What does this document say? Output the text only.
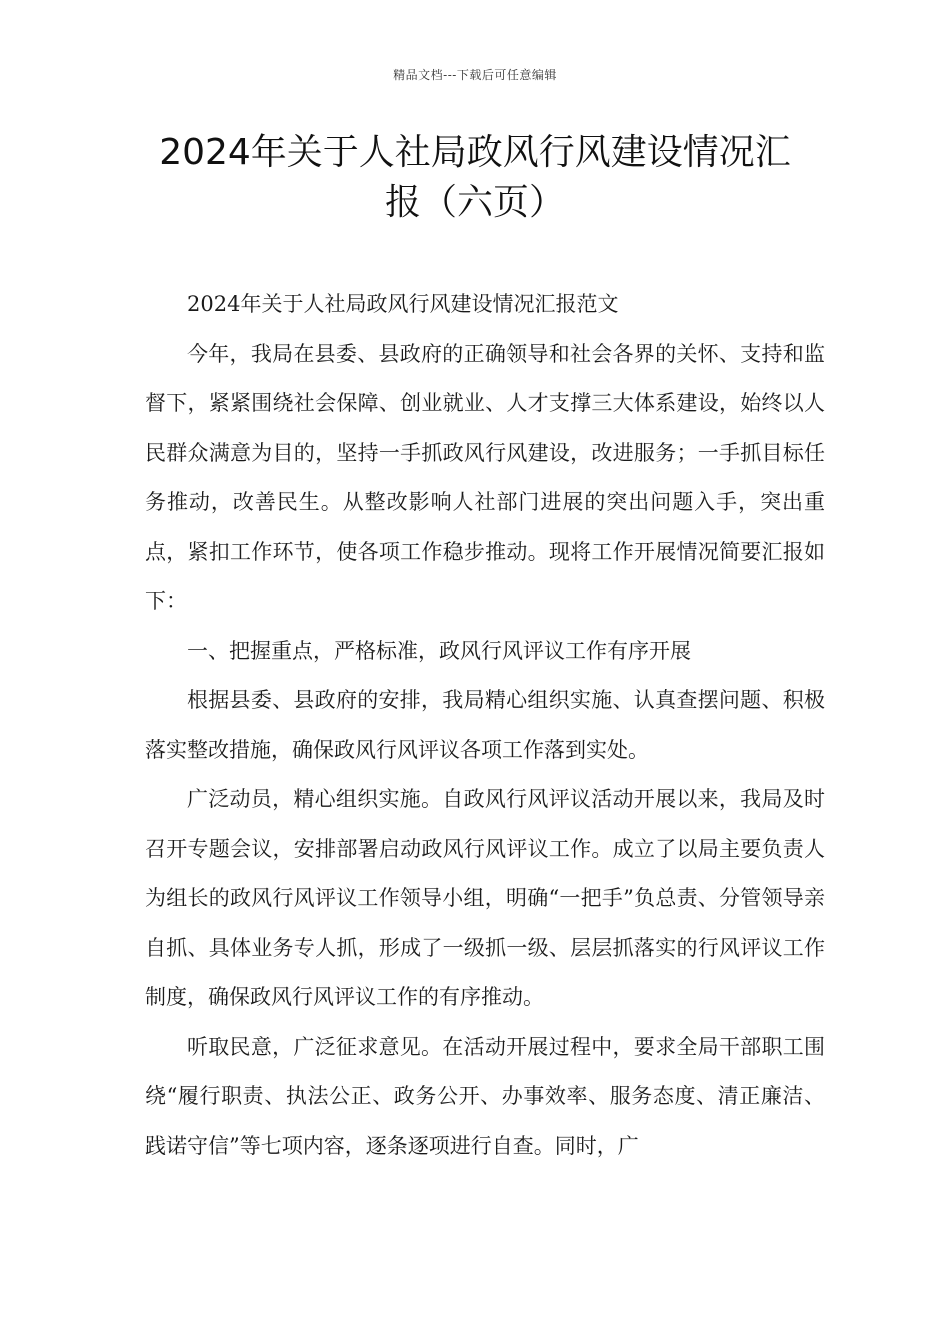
精品文档---下载后可任意编辑
2024年关于人社局政风行风建设情况汇
报（六页）

2024年关于人社局政风行风建设情况汇报范文

今年，我局在县委、县政府的正确领导和社会各界的关怀、支持和监督下，紧紧围绕社会保障、创业就业、人才支撑三大体系建设，始终以人民群众满意为目的，坚持一手抓政风行风建设，改进服务；一手抓目标任务推动，改善民生。从整改影响人社部门进展的突出问题入手，突出重点，紧扣工作环节，使各项工作稳步推动。现将工作开展情况简要汇报如下：

一、把握重点，严格标准，政风行风评议工作有序开展

根据县委、县政府的安排，我局精心组织实施、认真查摆问题、积极落实整改措施，确保政风行风评议各项工作落到实处。

广泛动员，精心组织实施。自政风行风评议活动开展以来，我局及时召开专题会议，安排部署启动政风行风评议工作。成立了以局主要负责人为组长的政风行风评议工作领导小组，明确“一把手”负总责、分管领导亲自抓、具体业务专人抓，形成了一级抓一级、层层抓落实的行风评议工作制度，确保政风行风评议工作的有序推动。

听取民意，广泛征求意见。在活动开展过程中，要求全局干部职工围绕“履行职责、执法公正、政务公开、办事效率、服务态度、清正廉洁、践诺守信”等七项内容，逐条逐项进行自查。同时，广
